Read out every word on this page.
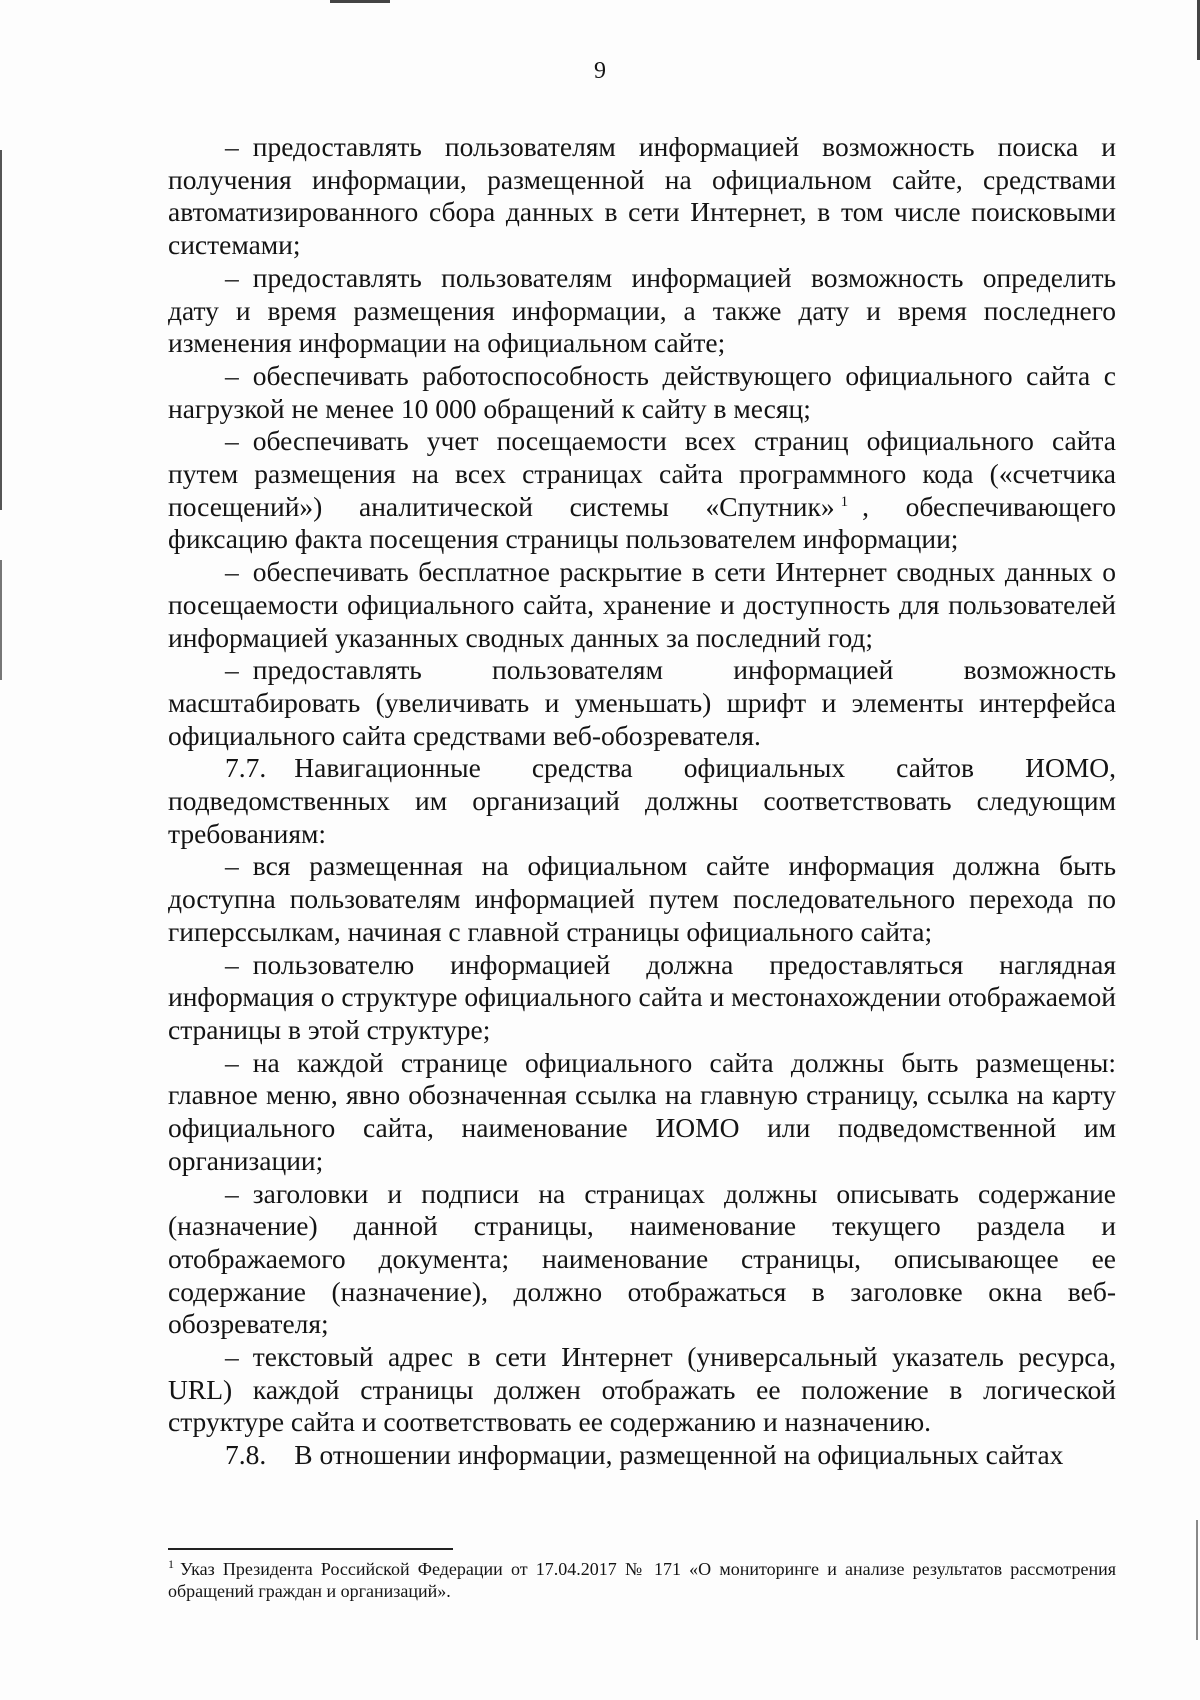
9

– предоставлять пользователям информацией возможность поиска и получения информации, размещенной на официальном сайте, средствами автоматизированного сбора данных в сети Интернет, в том числе поисковыми системами;

– предоставлять пользователям информацией возможность определить дату и время размещения информации, а также дату и время последнего изменения информации на официальном сайте;

– обеспечивать работоспособность действующего официального сайта с нагрузкой не менее 10 000 обращений к сайту в месяц;

– обеспечивать учет посещаемости всех страниц официального сайта путем размещения на всех страницах сайта программного кода («счетчика посещений») аналитической системы «Спутник» $^1$ , обеспечивающего фиксацию факта посещения страницы пользователем информации;

– обеспечивать бесплатное раскрытие в сети Интернет сводных данных о посещаемости официального сайта, хранение и доступность для пользователей информацией указанных сводных данных за последний год;

– предоставлять пользователям информацией возможность масштабировать (увеличивать и уменьшать) шрифт и элементы интерфейса официального сайта средствами веб-обозревателя.

7.7. Навигационные средства официальных сайтов ИОМО, подведомственных им организаций должны соответствовать следующим требованиям:

– вся размещенная на официальном сайте информация должна быть доступна пользователям информацией путем последовательного перехода по гиперссылкам, начиная с главной страницы официального сайта;

– пользователю информацией должна предоставляться наглядная информация о структуре официального сайта и местонахождении отображаемой страницы в этой структуре;

– на каждой странице официального сайта должны быть размещены: главное меню, явно обозначенная ссылка на главную страницу, ссылка на карту официального сайта, наименование ИОМО или подведомственной им организации;

– заголовки и подписи на страницах должны описывать содержание (назначение) данной страницы, наименование текущего раздела и отображаемого документа; наименование страницы, описывающее ее содержание (назначение), должно отображаться в заголовке окна веб-обозревателя;

– текстовый адрес в сети Интернет (универсальный указатель ресурса, URL) каждой страницы должен отображать ее положение в логической структуре сайта и соответствовать ее содержанию и назначению.

7.8. В отношении информации, размещенной на официальных сайтах

$^1$ Указ Президента Российской Федерации от 17.04.2017 № 171 «О мониторинге и анализе результатов рассмотрения обращений граждан и организаций».
